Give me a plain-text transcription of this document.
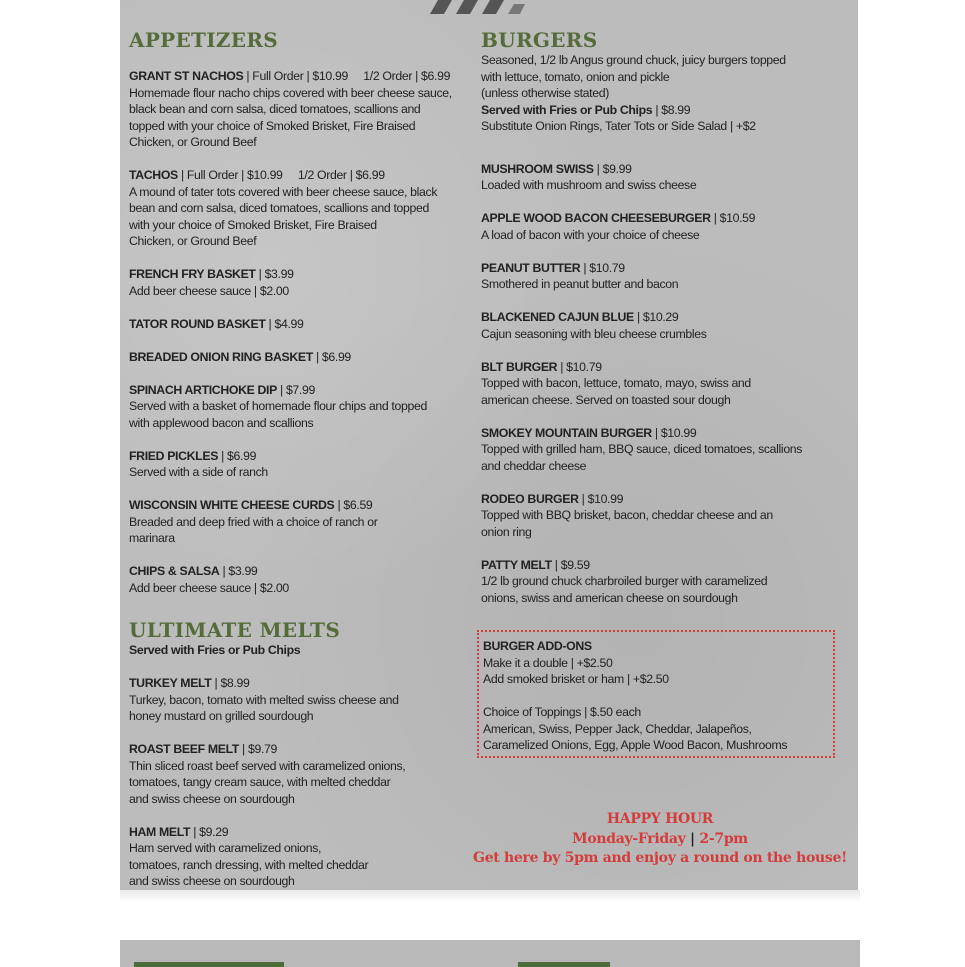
APPETIZERS
GRANT ST NACHOS | Full Order | $10.99     1/2 Order | $6.99
Homemade flour nacho chips covered with beer cheese sauce,
black bean and corn salsa, diced tomatoes, scallions and
topped with your choice of Smoked Brisket, Fire Braised
Chicken, or Ground Beef
TACHOS | Full Order | $10.99     1/2 Order | $6.99
A mound of tater tots covered with beer cheese sauce, black
bean and corn salsa, diced tomatoes, scallions and topped
with your choice of Smoked Brisket, Fire Braised
Chicken, or Ground Beef
FRENCH FRY BASKET | $3.99
Add beer cheese sauce | $2.00
TATOR ROUND BASKET | $4.99
BREADED ONION RING BASKET | $6.99
SPINACH ARTICHOKE DIP | $7.99
Served with a basket of homemade flour chips and topped
with applewood bacon and scallions
FRIED PICKLES | $6.99
Served with a side of ranch
WISCONSIN WHITE CHEESE CURDS | $6.59
Breaded and deep fried with a choice of ranch or
marinara
CHIPS & SALSA | $3.99
Add beer cheese sauce | $2.00
ULTIMATE MELTS
Served with Fries or Pub Chips
TURKEY MELT | $8.99
Turkey, bacon, tomato with melted swiss cheese and
honey mustard on grilled sourdough
ROAST BEEF MELT | $9.79
Thin sliced roast beef served with caramelized onions,
tomatoes, tangy cream sauce, with melted cheddar
and swiss cheese on sourdough
HAM MELT | $9.29
Ham served with caramelized onions,
tomatoes, ranch dressing, with melted cheddar
and swiss cheese on sourdough
BURGERS
Seasoned, 1/2 lb Angus ground chuck, juicy burgers topped
with lettuce, tomato, onion and pickle
(unless otherwise stated)
Served with Fries or Pub Chips | $8.99
Substitute Onion Rings, Tater Tots or Side Salad | +$2
MUSHROOM SWISS | $9.99
Loaded with mushroom and swiss cheese
APPLE WOOD BACON CHEESEBURGER | $10.59
A load of bacon with your choice of cheese
PEANUT BUTTER | $10.79
Smothered in peanut butter and bacon
BLACKENED CAJUN BLUE | $10.29
Cajun seasoning with bleu cheese crumbles
BLT BURGER | $10.79
Topped with bacon, lettuce, tomato, mayo, swiss and
american cheese. Served on toasted sour dough
SMOKEY MOUNTAIN BURGER | $10.99
Topped with grilled ham, BBQ sauce, diced tomatoes, scallions
and cheddar cheese
RODEO BURGER | $10.99
Topped with BBQ brisket, bacon, cheddar cheese and an
onion ring
PATTY MELT | $9.59
1/2 lb ground chuck charbroiled burger with caramelized
onions, swiss and american cheese on sourdough
BURGER ADD-ONS
Make it a double | +$2.50
Add smoked brisket or ham | +$2.50
Choice of Toppings | $.50 each
American, Swiss, Pepper Jack, Cheddar, Jalapeños,
Caramelized Onions, Egg, Apple Wood Bacon, Mushrooms
HAPPY HOUR
Monday-Friday | 2-7pm
Get here by 5pm and enjoy a round on the house!
